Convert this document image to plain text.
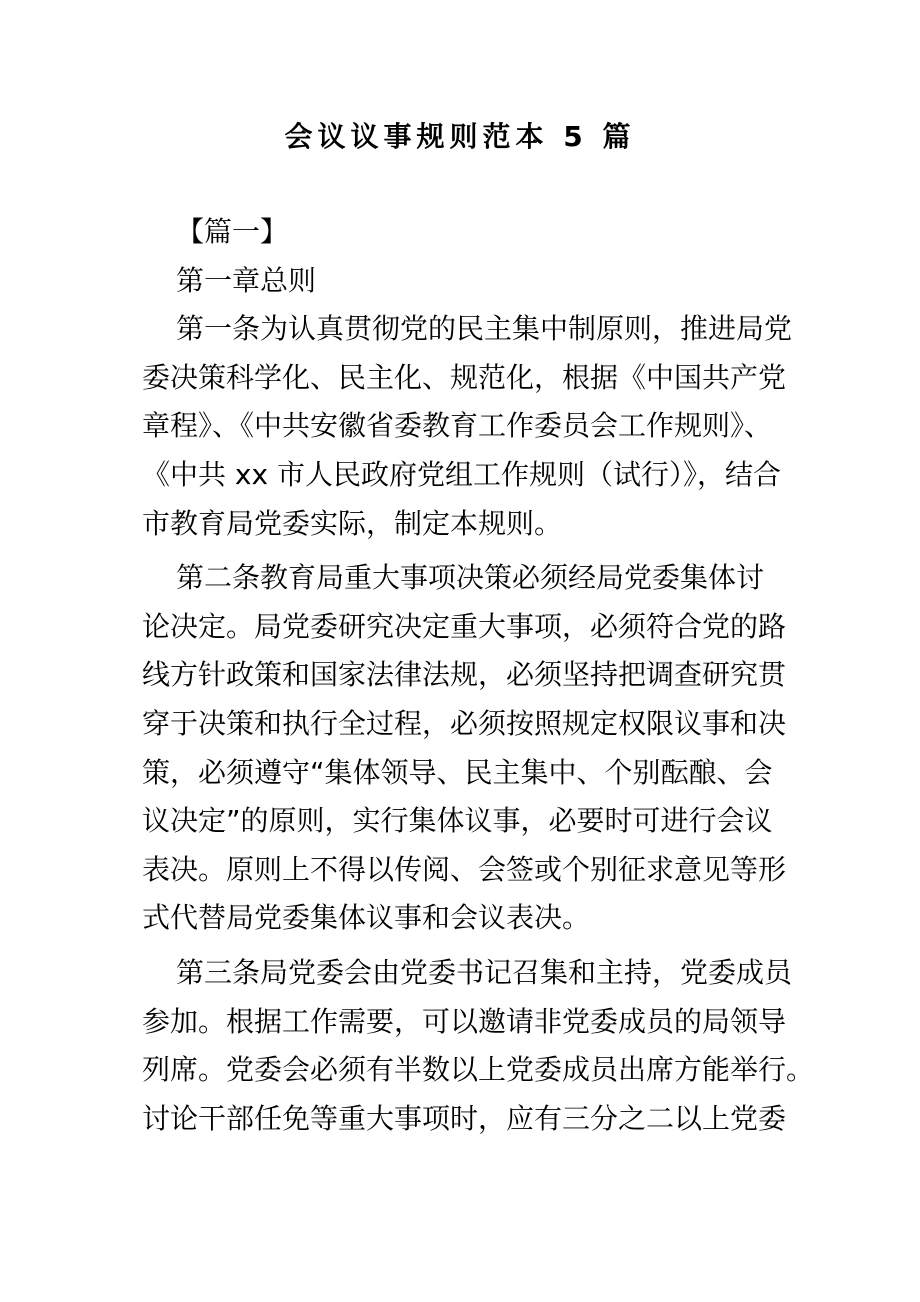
会议议事规则范本 5 篇
【篇一】
第一章总则
第一条为认真贯彻党的民主集中制原则，推进局党
委决策科学化、民主化、规范化，根据《中国共产党
章程》、《中共安徽省委教育工作委员会工作规则》、
《中共 xx 市人民政府党组工作规则（试行）》，结合
市教育局党委实际，制定本规则。
第二条教育局重大事项决策必须经局党委集体讨
论决定。局党委研究决定重大事项，必须符合党的路
线方针政策和国家法律法规，必须坚持把调查研究贯
穿于决策和执行全过程，必须按照规定权限议事和决
策，必须遵守“集体领导、民主集中、个别酝酿、会
议决定”的原则，实行集体议事，必要时可进行会议
表决。原则上不得以传阅、会签或个别征求意见等形
式代替局党委集体议事和会议表决。
第三条局党委会由党委书记召集和主持，党委成员
参加。根据工作需要，可以邀请非党委成员的局领导
列席。党委会必须有半数以上党委成员出席方能举行。
讨论干部任免等重大事项时，应有三分之二以上党委
